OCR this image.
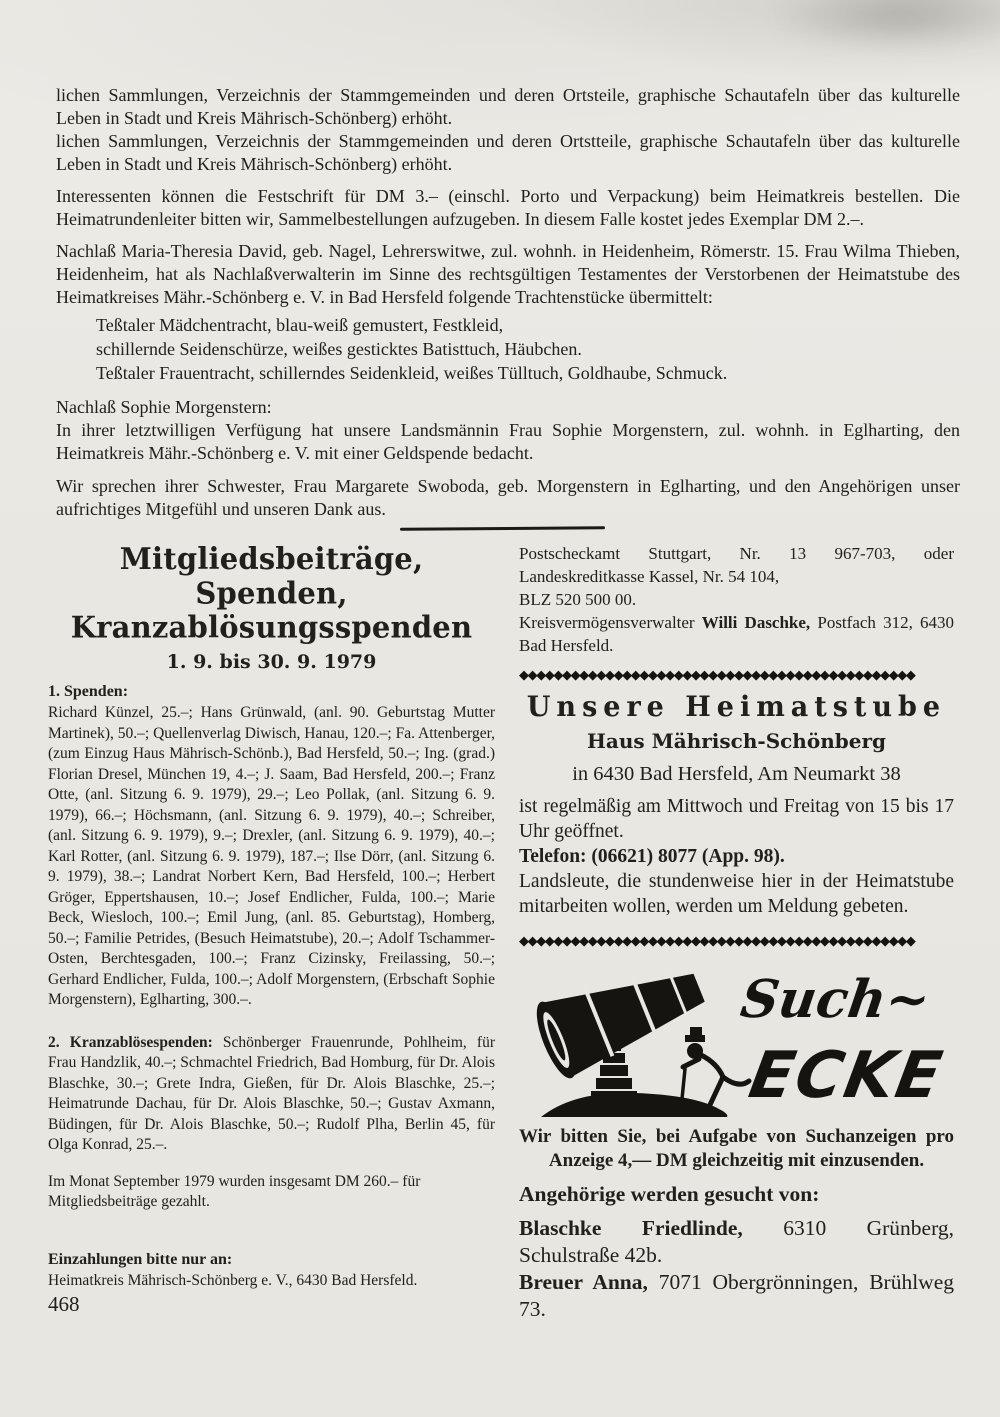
lichen Sammlungen, Verzeichnis der Stammgemeinden und deren Ortsteile, graphische Schautafeln über das kulturelle Leben in Stadt und Kreis Mährisch-Schönberg) erhöht.

lichen Sammlungen, Verzeichnis der Stammgemeinden und deren Ortstteile, graphische Schautafeln über das kulturelle Leben in Stadt und Kreis Mährisch-Schönberg) erhöht.

Interessenten können die Festschrift für DM 3.– (einschl. Porto und Verpackung) beim Heimatkreis bestellen. Die Heimatrundenleiter bitten wir, Sammelbestellungen aufzugeben. In diesem Falle kostet jedes Exemplar DM 2.–.

Nachlaß Maria-Theresia David, geb. Nagel, Lehrerswitwe, zul. wohnh. in Heidenheim, Römerstr. 15. Frau Wilma Thieben, Heidenheim, hat als Nachlaßverwalterin im Sinne des rechtsgültigen Testamentes der Verstorbenen der Heimatstube des Heimatkreises Mähr.-Schönberg e. V. in Bad Hersfeld folgende Trachtenstücke übermittelt:

Teßtaler Mädchentracht, blau-weiß gemustert, Festkleid,
schillernde Seidenschürze, weißes gesticktes Batisttuch, Häubchen.
Teßtaler Frauentracht, schillerndes Seidenkleid, weißes Tülltuch, Goldhaube, Schmuck.
Nachlaß Sophie Morgenstern:

In ihrer letztwilligen Verfügung hat unsere Landsmännin Frau Sophie Morgenstern, zul. wohnh. in Eglharting, den Heimatkreis Mähr.-Schönberg e. V. mit einer Geldspende bedacht.

Wir sprechen ihrer Schwester, Frau Margarete Swoboda, geb. Morgenstern in Eglharting, und den Angehörigen unser aufrichtiges Mitgefühl und unseren Dank aus.

Mitgliedsbeiträge, Spenden,
Kranzablösungsspenden
1. 9. bis 30. 9. 1979
1. Spenden:

Richard Künzel, 25.–; Hans Grünwald, (anl. 90. Geburtstag Mutter Martinek), 50.–; Quellenverlag Diwisch, Hanau, 120.–; Fa. Attenberger, (zum Einzug Haus Mährisch-Schönb.), Bad Hersfeld, 50.–; Ing. (grad.) Florian Dresel, München 19, 4.–; J. Saam, Bad Hersfeld, 200.–; Franz Otte, (anl. Sitzung 6. 9. 1979), 29.–; Leo Pollak, (anl. Sitzung 6. 9. 1979), 66.–; Höchsmann, (anl. Sitzung 6. 9. 1979), 40.–; Schreiber, (anl. Sitzung 6. 9. 1979), 9.–; Drexler, (anl. Sitzung 6. 9. 1979), 40.–; Karl Rotter, (anl. Sitzung 6. 9. 1979), 187.–; Ilse Dörr, (anl. Sitzung 6. 9. 1979), 38.–; Landrat Norbert Kern, Bad Hersfeld, 100.–; Herbert Gröger, Eppertshausen, 10.–; Josef Endlicher, Fulda, 100.–; Marie Beck, Wiesloch, 100.–; Emil Jung, (anl. 85. Geburtstag), Homberg, 50.–; Familie Petrides, (Besuch Heimatstube), 20.–; Adolf Tschammer-Osten, Berchtesgaden, 100.–; Franz Cizinsky, Freilassing, 50.–; Gerhard Endlicher, Fulda, 100.–; Adolf Morgenstern, (Erbschaft Sophie Morgenstern), Eglharting, 300.–.

2. Kranzablösespenden: Schönberger Frauenrunde, Pohlheim, für Frau Handzlik, 40.–; Schmachtel Friedrich, Bad Homburg, für Dr. Alois Blaschke, 30.–; Grete Indra, Gießen, für Dr. Alois Blaschke, 25.–; Heimatrunde Dachau, für Dr. Alois Blaschke, 50.–; Gustav Axmann, Büdingen, für Dr. Alois Blaschke, 50.–; Rudolf Plha, Berlin 45, für Olga Konrad, 25.–.

Im Monat September 1979 wurden insgesamt DM 260.– für Mitgliedsbeiträge gezahlt.

Einzahlungen bitte nur an:

Heimatkreis Mährisch-Schönberg e. V., 6430 Bad Hersfeld.

Postscheckamt Stuttgart, Nr. 13 967-703, oder Landeskreditkasse Kassel, Nr. 54 104,

BLZ 520 500 00.

Kreisvermögensverwalter Willi Daschke, Postfach 312, 6430 Bad Hersfeld.

◆◆◆◆◆◆◆◆◆◆◆◆◆◆◆◆◆◆◆◆◆◆◆◆◆◆◆◆◆◆◆◆◆◆◆◆◆◆◆◆◆◆◆◆◆◆
Unsere Heimatstube
Haus Mährisch-Schönberg
in 6430 Bad Hersfeld, Am Neumarkt 38

ist regelmäßig am Mittwoch und Freitag von 15 bis 17 Uhr geöffnet.

Telefon: (06621) 8077 (App. 98).

Landsleute, die stundenweise hier in der Heimatstube mitarbeiten wollen, werden um Meldung gebeten.

◆◆◆◆◆◆◆◆◆◆◆◆◆◆◆◆◆◆◆◆◆◆◆◆◆◆◆◆◆◆◆◆◆◆◆◆◆◆◆◆◆◆◆◆◆◆
Such~
ECKE

Wir bitten Sie, bei Aufgabe von Suchanzeigen pro Anzeige 4,— DM gleichzeitig mit einzusenden.

Angehörige werden gesucht von:

Blaschke Friedlinde, 6310 Grünberg, Schulstraße 42b.

Breuer Anna, 7071 Obergrönningen, Brühlweg 73.

468
